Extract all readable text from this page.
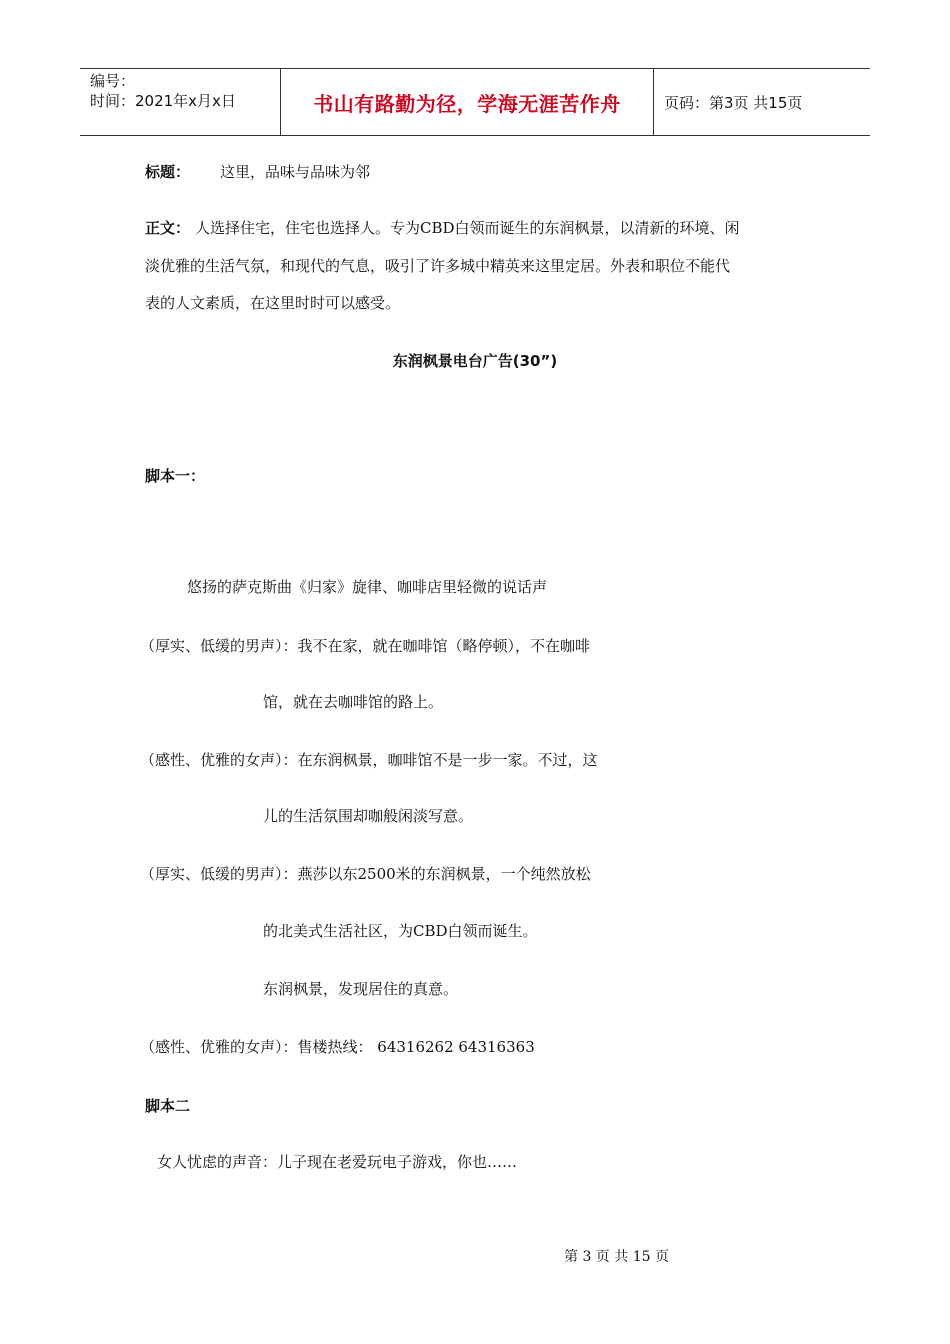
编号：
时间：2021年x月x日	书山有路勤为径，学海无涯苦作舟	页码：第3页 共15页
标题： 这里，品味与品味为邻
正文： 人选择住宅，住宅也选择人。专为CBD白领而诞生的东润枫景，以清新的环境、闲
淡优雅的生活气氛，和现代的气息，吸引了许多城中精英来这里定居。外表和职位不能代
表的人文素质，在这里时时可以感受。
东润枫景电台广告(30”)
脚本一：
悠扬的萨克斯曲《归家》旋律、咖啡店里轻微的说话声
（厚实、低缓的男声）：我不在家，就在咖啡馆（略停顿），不在咖啡
馆，就在去咖啡馆的路上。
（感性、优雅的女声）：在东润枫景，咖啡馆不是一步一家。不过，这
儿的生活氛围却咖般闲淡写意。
（厚实、低缓的男声）：燕莎以东2500米的东润枫景，一个纯然放松
的北美式生活社区，为CBD白领而诞生。
东润枫景，发现居住的真意。
（感性、优雅的女声）：售楼热线： 64316262 64316363
脚本二
女人忧虑的声音：儿子现在老爱玩电子游戏，你也……
第 3 页 共 15 页
